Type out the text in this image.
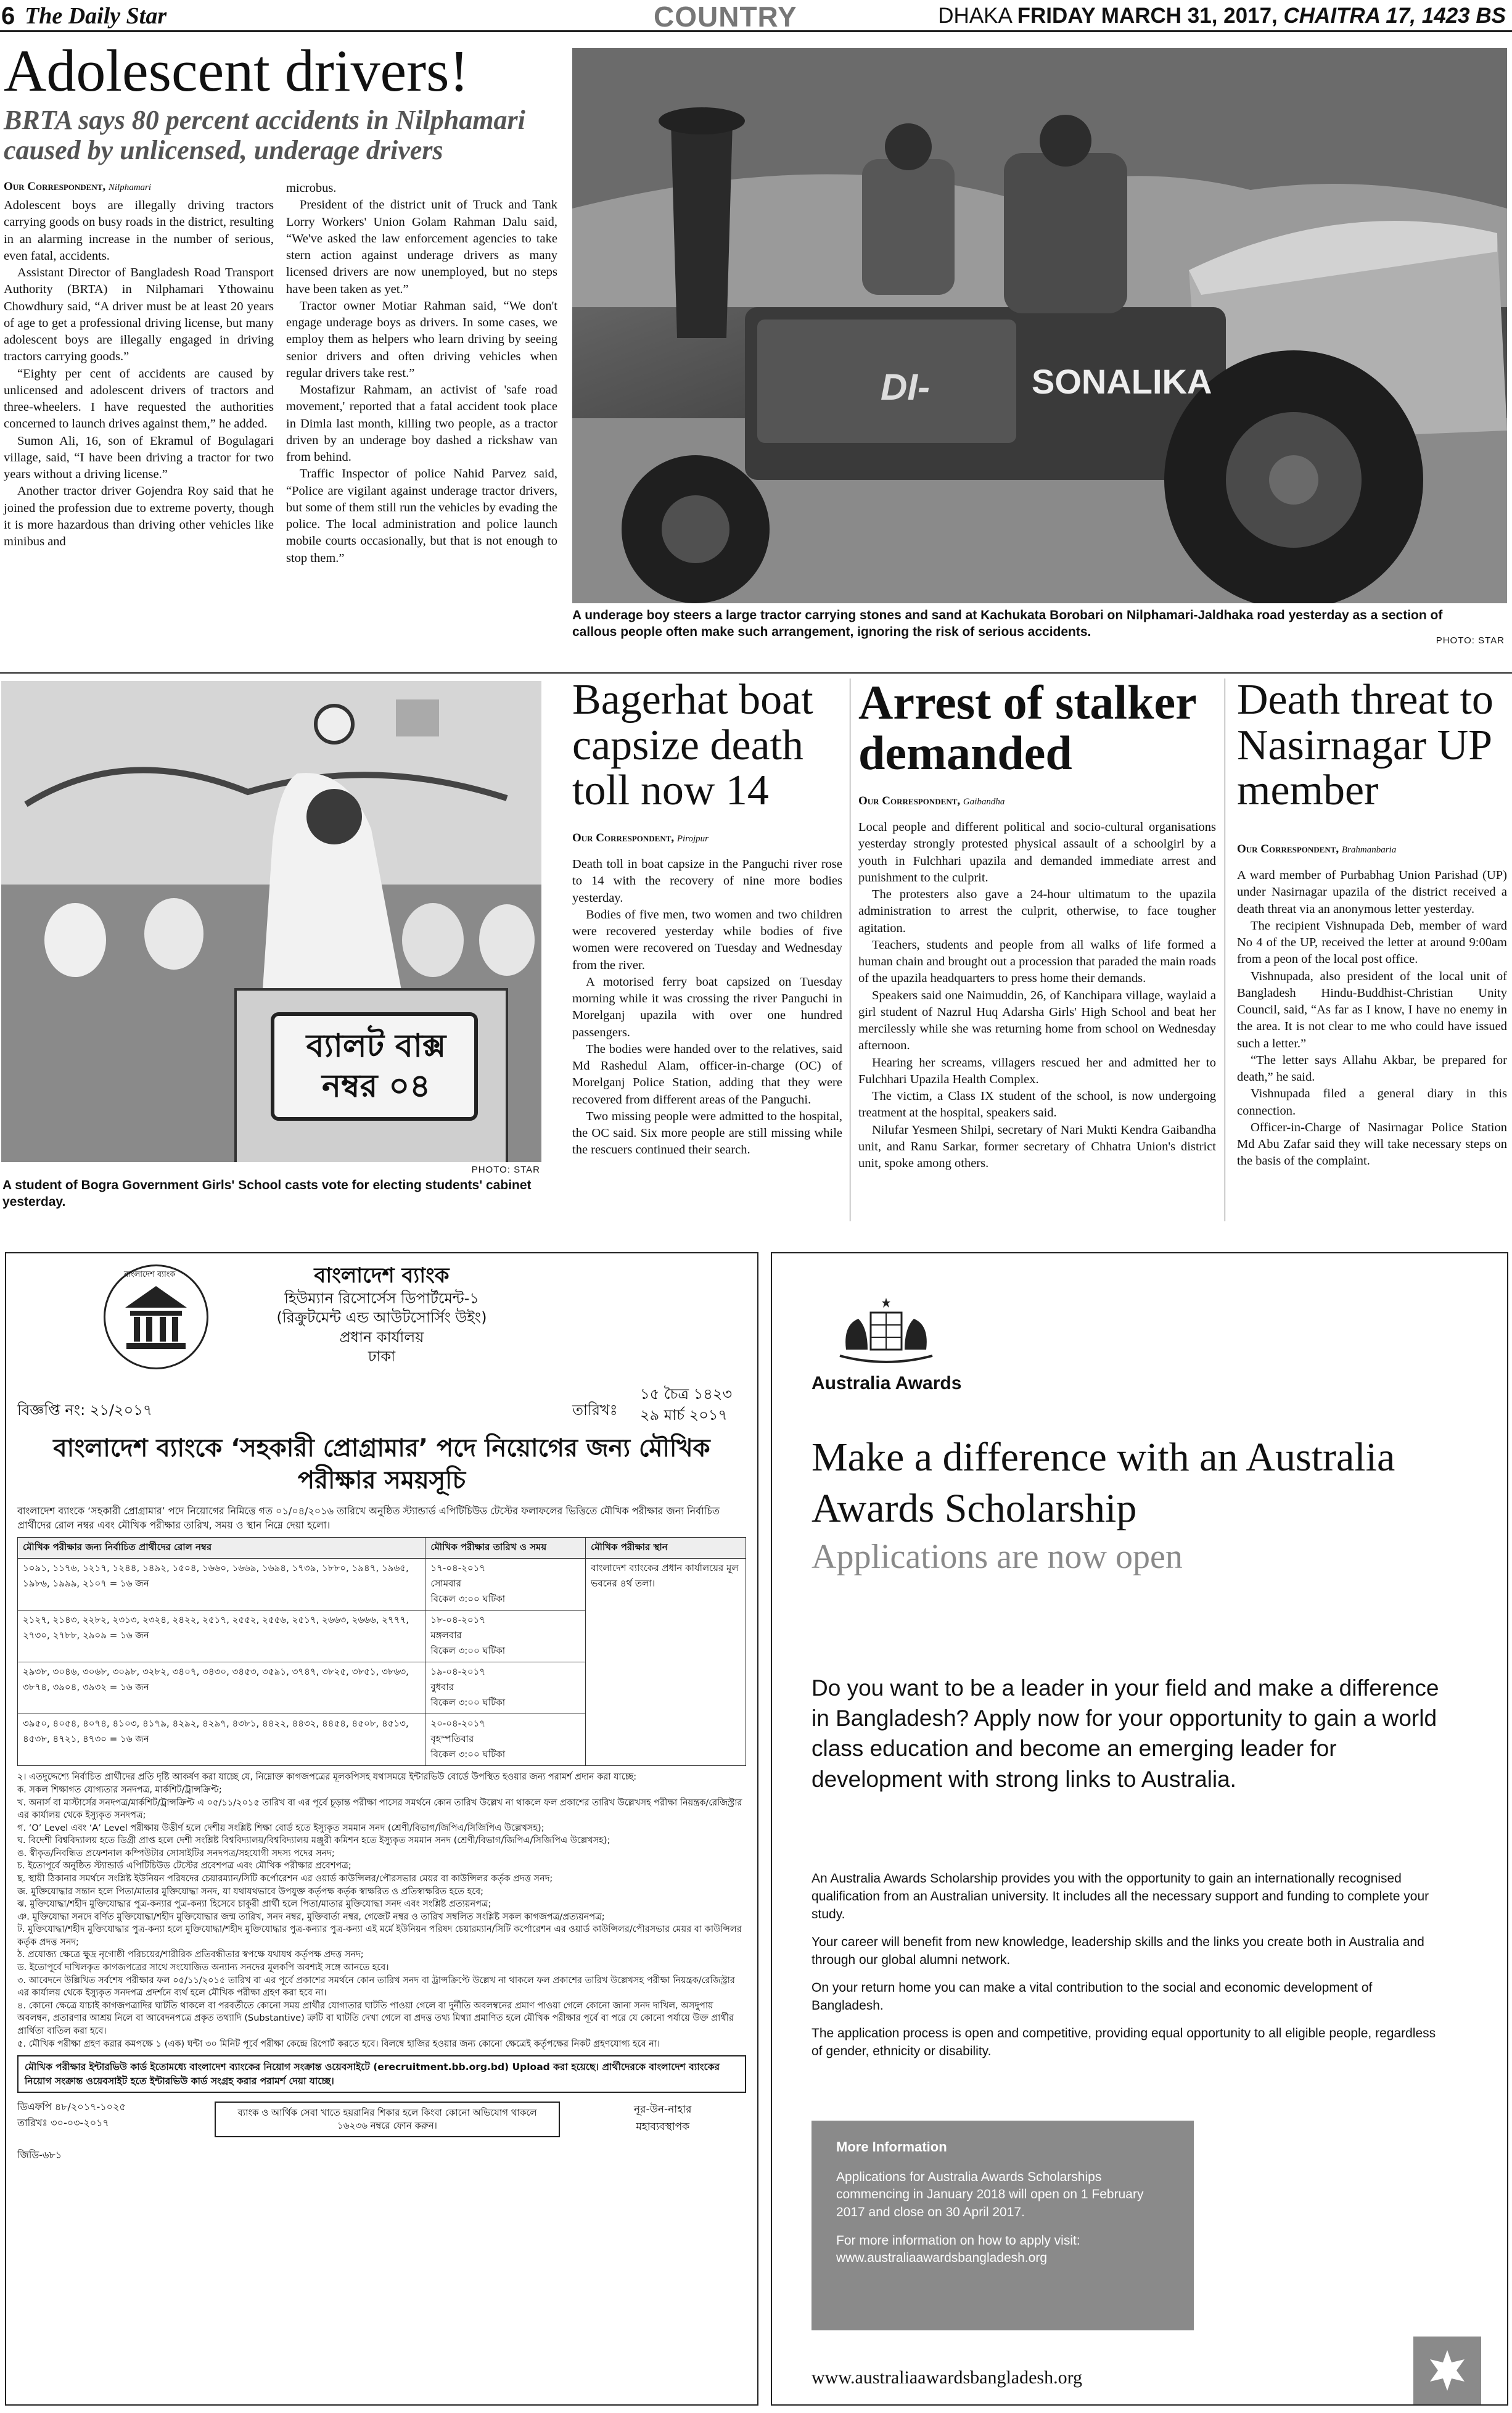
6 The Daily Star	COUNTRY	DHAKA FRIDAY MARCH 31, 2017, CHAITRA 17, 1423 BS
Adolescent drivers!
BRTA says 80 percent accidents in Nilphamari caused by unlicensed, underage drivers
Our Correspondent, Nilphamari

Adolescent boys are illegally driving tractors carrying goods on busy roads in the district, resulting in an alarming increase in the number of serious, even fatal, accidents.

Assistant Director of Bangladesh Road Transport Authority (BRTA) in Nilphamari Ythowainu Chowdhury said, “A driver must be at least 20 years of age to get a professional driving license, but many adolescent boys are illegally engaged in driving tractors carrying goods.”

“Eighty per cent of accidents are caused by unlicensed and adolescent drivers of tractors and three-wheelers. I have requested the authorities concerned to launch drives against them,” he added.

Sumon Ali, 16, son of Ekramul of Bogulagari village, said, “I have been driving a tractor for two years without a driving license.”

Another tractor driver Gojendra Roy said that he joined the profession due to extreme poverty, though it is more hazardous than driving other vehicles like minibus and

microbus.

President of the district unit of Truck and Tank Lorry Workers' Union Golam Rahman Dalu said, “We've asked the law enforcement agencies to take stern action against underage drivers as many licensed drivers are now unemployed, but no steps have been taken as yet.”

Tractor owner Motiar Rahman said, “We don't engage underage boys as drivers. In some cases, we employ them as helpers who learn driving by seeing senior drivers and often driving vehicles when regular drivers take rest.”

Mostafizur Rahmam, an activist of 'safe road movement,' reported that a fatal accident took place in Dimla last month, killing two people, as a tractor driven by an underage boy dashed a rickshaw van from behind.

Traffic Inspector of police Nahid Parvez said, “Police are vigilant against underage tractor drivers, but some of them still run the vehicles by evading the police. The local administration and police launch mobile courts occasionally, but that is not enough to stop them.”

SONALIKA
DI-
A underage boy steers a large tractor carrying stones and sand at Kachukata Borobari on Nilphamari-Jaldhaka road yesterday as a section of callous people often make such arrangement, ignoring the risk of serious accidents.
PHOTO: STAR
ব্যালট বাক্স
নম্বর ০৪
PHOTO: STAR
A student of Bogra Government Girls' School casts vote for electing students' cabinet yesterday.
Bagerhat boat capsize death toll now 14
Our Correspondent, Pirojpur

Death toll in boat capsize in the Panguchi river rose to 14 with the recovery of nine more bodies yesterday.

Bodies of five men, two women and two children were recovered yesterday while bodies of five women were recovered on Tuesday and Wednesday from the river.

A motorised ferry boat capsized on Tuesday morning while it was crossing the river Panguchi in Morelganj upazila with over one hundred passengers.

The bodies were handed over to the relatives, said Md Rashedul Alam, officer-in-charge (OC) of Morelganj Police Station, adding that they were recovered from different areas of the Panguchi.

Two missing people were admitted to the hospital, the OC said. Six more people are still missing while the rescuers continued their search.

Arrest of stalker demanded
Our Correspondent, Gaibandha

Local people and different political and socio-cultural organisations yesterday strongly protested physical assault of a schoolgirl by a youth in Fulchhari upazila and demanded immediate arrest and punishment to the culprit.

The protesters also gave a 24-hour ultimatum to the upazila administration to arrest the culprit, otherwise, to face tougher agitation.

Teachers, students and people from all walks of life formed a human chain and brought out a procession that paraded the main roads of the upazila headquarters to press home their demands.

Speakers said one Naimuddin, 26, of Kanchipara village, waylaid a girl student of Nazrul Huq Adarsha Girls' High School and beat her mercilessly while she was returning home from school on Wednesday afternoon.

Hearing her screams, villagers rescued her and admitted her to Fulchhari Upazila Health Complex.

The victim, a Class IX student of the school, is now undergoing treatment at the hospital, speakers said.

Nilufar Yesmeen Shilpi, secretary of Nari Mukti Kendra Gaibandha unit, and Ranu Sarkar, former secretary of Chhatra Union's district unit, spoke among others.

Death threat to Nasirnagar UP member
Our Correspondent, Brahmanbaria

A ward member of Purbabhag Union Parishad (UP) under Nasirnagar upazila of the district received a death threat via an anonymous letter yesterday.

The recipient Vishnupada Deb, member of ward No 4 of the UP, received the letter at around 9:00am from a peon of the local post office.

Vishnupada, also president of the local unit of Bangladesh Hindu-Buddhist-Christian Unity Council, said, “As far as I know, I have no enemy in the area. It is not clear to me who could have issued such a letter.”

“The letter says Allahu Akbar, be prepared for death,” he said.

Vishnupada filed a general diary in this connection.

Officer-in-Charge of Nasirnagar Police Station Md Abu Zafar said they will take necessary steps on the basis of the complaint.

বাংলাদেশ ব্যাংক	বাংলাদেশ ব্যাংক
হিউম্যান রিসোর্সেস ডিপার্টমেন্ট-১
(রিক্রুটমেন্ট এন্ড আউটসোর্সিং উইং)
প্রধান কার্যালয়
ঢাকা
বিজ্ঞপ্তি নং: ২১/২০১৭	তারিখঃ
১৫ চৈত্র ১৪২৩
২৯ মার্চ ২০১৭
বাংলাদেশ ব্যাংকে ‘সহকারী প্রোগ্রামার’ পদে নিয়োগের জন্য মৌখিক পরীক্ষার সময়সূচি
বাংলাদেশ ব্যাংকে ‘সহকারী প্রোগ্রামার’ পদে নিয়োগের নিমিত্তে গত ০১/০৪/২০১৬ তারিখে অনুষ্ঠিত স্ট্যান্ডার্ড এপিটিচিউড টেস্টের ফলাফলের ভিত্তিতে মৌখিক পরীক্ষার জন্য নির্বাচিত প্রার্থীদের রোল নম্বর এবং মৌখিক পরীক্ষার তারিখ, সময় ও স্থান নিম্নে দেয়া হলো।
মৌখিক পরীক্ষার জন্য নির্বাচিত প্রার্থীদের রোল নম্বর	মৌখিক পরীক্ষার তারিখ ও সময়	মৌখিক পরীক্ষার স্থান
১০৯১, ১১৭৬, ১২১৭, ১২৪৪, ১৪৯২, ১৫০৪, ১৬৬০, ১৬৬৯, ১৬৯৪, ১৭৩৯, ১৮৮০, ১৯৪৭, ১৯৬৫, ১৯৮৬, ১৯৯৯, ২১০৭ = ১৬ জন	১৭-০৪-২০১৭
সোমবার
বিকেল ৩:০০ ঘটিকা	বাংলাদেশ ব্যাংকের প্রধান কার্যালয়ের মূল ভবনের ৪র্থ তলা।
২১২৭, ২১৪৩, ২২৮২, ২৩১৩, ২৩২৪, ২৪২২, ২৫১৭, ২৫৫২, ২৫৫৬, ২৫১৭, ২৬৬৩, ২৬৬৬, ২৭৭৭, ২৭৩০, ২৭৮৮, ২৯০৯ = ১৬ জন	১৮-০৪-২০১৭
মঙ্গলবার
বিকেল ৩:০০ ঘটিকা	

২৯৩৮, ৩০৪৬, ৩০৬৮, ৩০৯৮, ৩২৮২, ৩৪০৭, ৩৪৩০, ৩৪৫৩, ৩৫৯১, ৩৭৪৭, ৩৮২৫, ৩৮৫১, ৩৮৬৩, ৩৮৭৪, ৩৯০৪, ৩৯৩২ = ১৬ জন	১৯-০৪-২০১৭
বুধবার
বিকেল ৩:০০ ঘটিকা	

৩৯৫০, ৪০৫৪, ৪০৭৪, ৪১০৩, ৪১৭৯, ৪২৯২, ৪২৯৭, ৪৩৮১, ৪৪২২, ৪৪৩২, ৪৪৫৪, ৪৫০৮, ৪৫১৩, ৪৫৩৮, ৪৭২১, ৪৭৩০ = ১৬ জন	২০-০৪-২০১৭
বৃহস্পতিবার
বিকেল ৩:০০ ঘটিকা	
২। এতদুদ্দেশ্যে নির্বাচিত প্রার্থীদের প্রতি দৃষ্টি আকর্ষণ করা যাচ্ছে যে, নিম্নোক্ত কাগজপত্রের মূলকপিসহ যথাসময়ে ইন্টারভিউ বোর্ডে উপস্থিত হওয়ার জন্য পরামর্শ প্রদান করা যাচ্ছে:
ক. সকল শিক্ষাগত যোগ্যতার সনদপত্র, মার্কশিট/ট্রান্সক্রিপ্ট;
খ. অনার্স বা মাস্টার্সের সনদপত্র/মার্কশিট/ট্রান্সক্রিপ্ট এ ০৫/১১/২০১৫ তারিখ বা এর পূর্বে চূড়ান্ত পরীক্ষা পাসের সমর্থনে কোন তারিখ উল্লেখ না থাকলে ফল প্রকাশের তারিখ উল্লেখসহ পরীক্ষা নিয়ন্ত্রক/রেজিস্ট্রার এর কার্যালয় থেকে ইস্যুকৃত সনদপত্র;
গ. ‘O’ Level এবং ‘A’ Level পরীক্ষায় উত্তীর্ণ হলে দেশীয় সংশ্লিষ্ট শিক্ষা বোর্ড হতে ইস্যুকৃত সমমান সনদ (শ্রেণী/বিভাগ/জিপিএ/সিজিপিএ উল্লেখসহ);
ঘ. বিদেশী বিশ্ববিদ্যালয় হতে ডিগ্রী প্রাপ্ত হলে দেশী সংশ্লিষ্ট বিশ্ববিদ্যালয়/বিশ্ববিদ্যালয় মঞ্জুরী কমিশন হতে ইস্যুকৃত সমমান সনদ (শ্রেণী/বিভাগ/জিপিএ/সিজিপিএ উল্লেখসহ);
ঙ. স্বীকৃত/নিবন্ধিত প্রফেশনাল কম্পিউটার সোসাইটির সনদপত্র/সহযোগী সদস্য পদের সনদ;
চ. ইতোপূর্বে অনুষ্ঠিত স্ট্যান্ডার্ড এপিটিচিউড টেস্টের প্রবেশপত্র এবং মৌখিক পরীক্ষার প্রবেশপত্র;
ছ. স্থায়ী ঠিকানার সমর্থনে সংশ্লিষ্ট ইউনিয়ন পরিষদের চেয়ারম্যান/সিটি কর্পোরেশন এর ওয়ার্ড কাউন্সিলর/পৌরসভার মেয়র বা কাউন্সিলর কর্তৃক প্রদত্ত সনদ;
জ. মুক্তিযোদ্ধার সন্তান হলে পিতা/মাতার মুক্তিযোদ্ধা সনদ, যা যথাযথভাবে উপযুক্ত কর্তৃপক্ষ কর্তৃক স্বাক্ষরিত ও প্রতিস্বাক্ষরিত হতে হবে;
ঝ. মুক্তিযোদ্ধা/শহীদ মুক্তিযোদ্ধার পুত্র-কন্যার পুত্র-কন্যা হিসেবে চাকুরী প্রার্থী হলে পিতা/মাতার মুক্তিযোদ্ধা সনদ এবং সংশ্লিষ্ট প্রত্যয়নপত্র;
ঞ. মুক্তিযোদ্ধা সনদে বর্ণিত মুক্তিযোদ্ধা/শহীদ মুক্তিযোদ্ধার জন্ম তারিখ, সনদ নম্বর, মুক্তিবার্তা নম্বর, গেজেট নম্বর ও তারিখ সম্বলিত সংশ্লিষ্ট সকল কাগজপত্র/প্রত্যয়নপত্র;
ট. মুক্তিযোদ্ধা/শহীদ মুক্তিযোদ্ধার পুত্র-কন্যা হলে মুক্তিযোদ্ধা/শহীদ মুক্তিযোদ্ধার পুত্র-কন্যার পুত্র-কন্যা এই মর্মে ইউনিয়ন পরিষদ চেয়ারম্যান/সিটি কর্পোরেশন এর ওয়ার্ড কাউন্সিলর/পৌরসভার মেয়র বা কাউন্সিলর কর্তৃক প্রদত্ত সনদ;
ঠ. প্রযোজ্য ক্ষেত্রে ক্ষুদ্র নৃগোষ্ঠী পরিচয়ের/শারীরিক প্রতিবন্ধীতার স্বপক্ষে যথাযথ কর্তৃপক্ষ প্রদত্ত সনদ;
ড. ইতোপূর্বে দাখিলকৃত কাগজপত্রের সাথে সংযোজিত অন্যান্য সনদের মূলকপি অবশ্যই সঙ্গে আনতে হবে।
৩. আবেদনে উল্লিখিত সর্বশেষ পরীক্ষার ফল ০৫/১১/২০১৫ তারিখ বা এর পূর্বে প্রকাশের সমর্থনে কোন তারিখ সনদ বা ট্রান্সক্রিপ্টে উল্লেখ না থাকলে ফল প্রকাশের তারিখ উল্লেখসহ পরীক্ষা নিয়ন্ত্রক/রেজিস্ট্রার এর কার্যালয় থেকে ইস্যুকৃত সনদপত্র প্রদর্শনে ব্যর্থ হলে মৌখিক পরীক্ষা গ্রহণ করা হবে না।
৪. কোনো ক্ষেত্রে যাচাই কাগজপত্রাদির ঘাটতি থাকলে বা পরবর্তীতে কোনো সময় প্রার্থীর যোগ্যতার ঘাটতি পাওয়া গেলে বা দুর্নীতি অবলম্বনের প্রমাণ পাওয়া গেলে কোনো জানা সনদ দাখিল, অসদুপায় অবলম্বন, প্রতারণার আশ্রয় নিলে বা আবেদনপত্রে প্রকৃত তথ্যাদি (Substantive) ত্রুটি বা ঘাটতি দেখা গেলে বা প্রদত্ত তথ্য মিথ্যা প্রমাণিত হলে মৌখিক পরীক্ষার পূর্বে বা পরে যে কোনো পর্যায়ে উক্ত প্রার্থীর প্রার্থিতা বাতিল করা হবে।
৫. মৌখিক পরীক্ষা গ্রহণ করার কমপক্ষে ১ (এক) ঘন্টা ৩০ মিনিট পূর্বে পরীক্ষা কেন্দ্রে রিপোর্ট করতে হবে। বিলম্বে হাজির হওয়ার জন্য কোনো ক্ষেত্রেই কর্তৃপক্ষের নিকট গ্রহণযোগ্য হবে না।
মৌখিক পরীক্ষার ইন্টারভিউ কার্ড ইতোমধ্যে বাংলাদেশ ব্যাংকের নিয়োগ সংক্রান্ত ওয়েবসাইটে (erecruitment.bb.org.bd) Upload করা হয়েছে। প্রার্থীদেরকে বাংলাদেশ ব্যাংকের নিয়োগ সংক্রান্ত ওয়েবসাইট হতে ইন্টারভিউ কার্ড সংগ্রহ করার পরামর্শ দেয়া যাচ্ছে।
ডিএফপি ৪৮/২০১৭-১০২৫
তারিখঃ ৩০-০৩-২০১৭
ব্যাংক ও আর্থিক সেবা খাতে হয়রানির শিকার হলে কিংবা কোনো অভিযোগ থাকলে ১৬২৩৬ নম্বরে ফোন করুন।
নূর-উন-নাহার
মহাব্যবস্থাপক
জিডি-৬৮১
Australia Awards
Make a difference with an Australia Awards Scholarship
Applications are now open
Do you want to be a leader in your field and make a difference in Bangladesh? Apply now for your opportunity to gain a world class education and become an emerging leader for development with strong links to Australia.

An Australia Awards Scholarship provides you with the opportunity to gain an internationally recognised qualification from an Australian university. It includes all the necessary support and funding to complete your study.

Your career will benefit from new knowledge, leadership skills and the links you create both in Australia and through our global alumni network.

On your return home you can make a vital contribution to the social and economic development of Bangladesh.

The application process is open and competitive, providing equal opportunity to all eligible people, regardless of gender, ethnicity or disability.

More Information
Applications for Australia Awards Scholarships commencing in January 2018 will open on 1 February 2017 and close on 30 April 2017.
For more information on how to apply visit: www.australiaawardsbangladesh.org
www.australiaawardsbangladesh.org
